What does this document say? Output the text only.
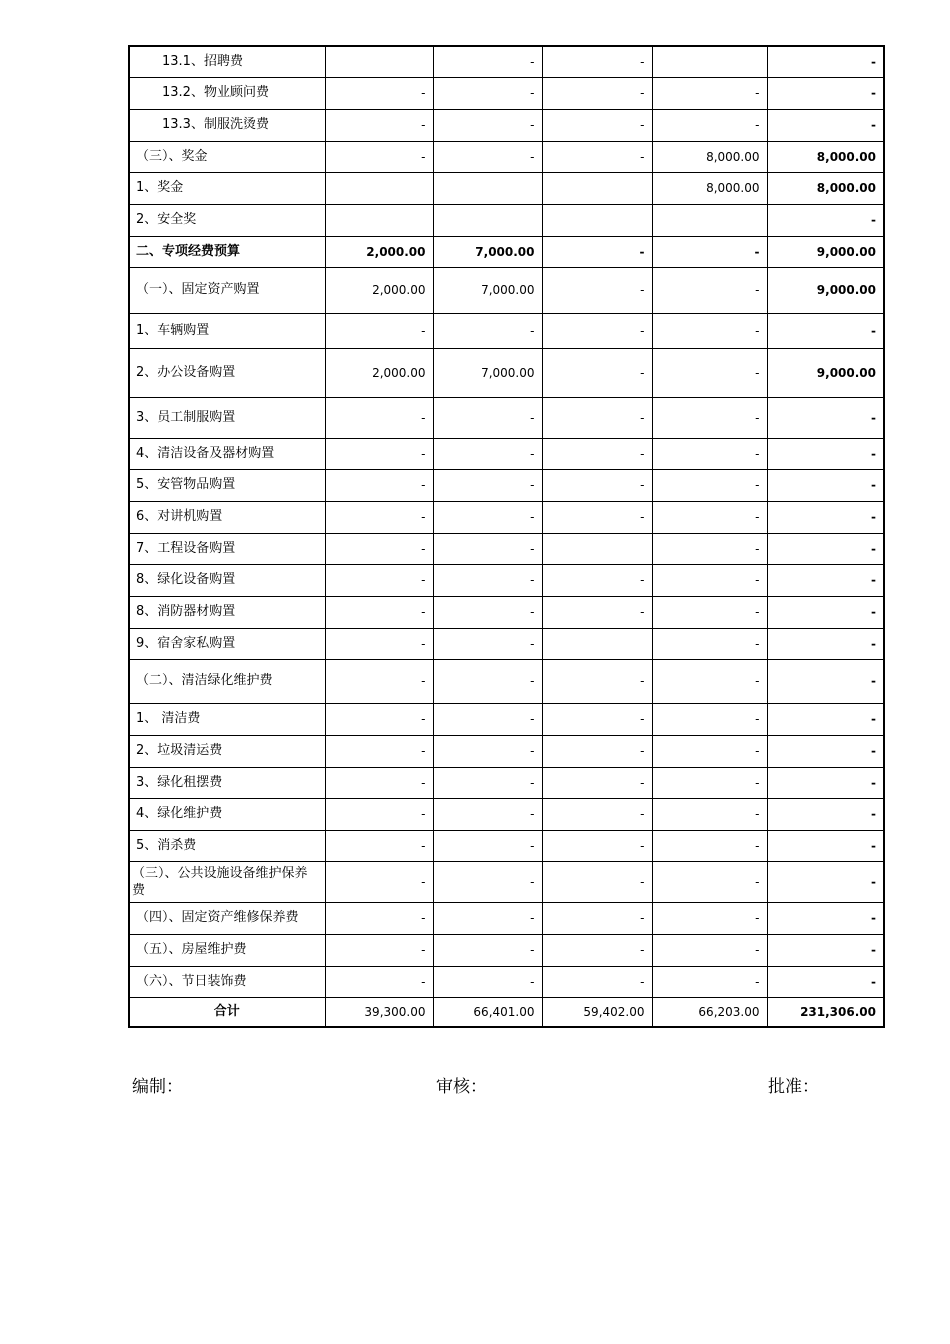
　　13.1、招聘费		-	-		-
　　13.2、物业顾问费	-	-	-	-	-
　　13.3、制服洗烫费	-	-	-	-	-
（三）、奖金	-	-	-	8,000.00	8,000.00
1、奖金				8,000.00	8,000.00
2、安全奖					-
二、专项经费预算	2,000.00	7,000.00	-	-	9,000.00
（一）、固定资产购置	2,000.00	7,000.00	-	-	9,000.00
1、车辆购置	-	-	-	-	-
2、办公设备购置	2,000.00	7,000.00	-	-	9,000.00
3、员工制服购置	-	-	-	-	-
4、清洁设备及器材购置	-	-	-	-	-
5、安管物品购置	-	-	-	-	-
6、对讲机购置	-	-	-	-	-
7、工程设备购置	-	-		-	-
8、绿化设备购置	-	-	-	-	-
8、消防器材购置	-	-	-	-	-
9、宿舍家私购置	-	-		-	-
（二）、清洁绿化维护费	-	-	-	-	-
1、 清洁费	-	-	-	-	-
2、垃圾清运费	-	-	-	-	-
3、绿化租摆费	-	-	-	-	-
4、绿化维护费	-	-	-	-	-
5、消杀费	-	-	-	-	-
（三）、公共设施设备维护保养费	-	-	-	-	-
（四）、固定资产维修保养费	-	-	-	-	-
（五）、房屋维护费	-	-	-	-	-
（六）、节日装饰费	-	-	-	-	-
合计	39,300.00	66,401.00	59,402.00	66,203.00	231,306.00
编制：	审核：	批准：
